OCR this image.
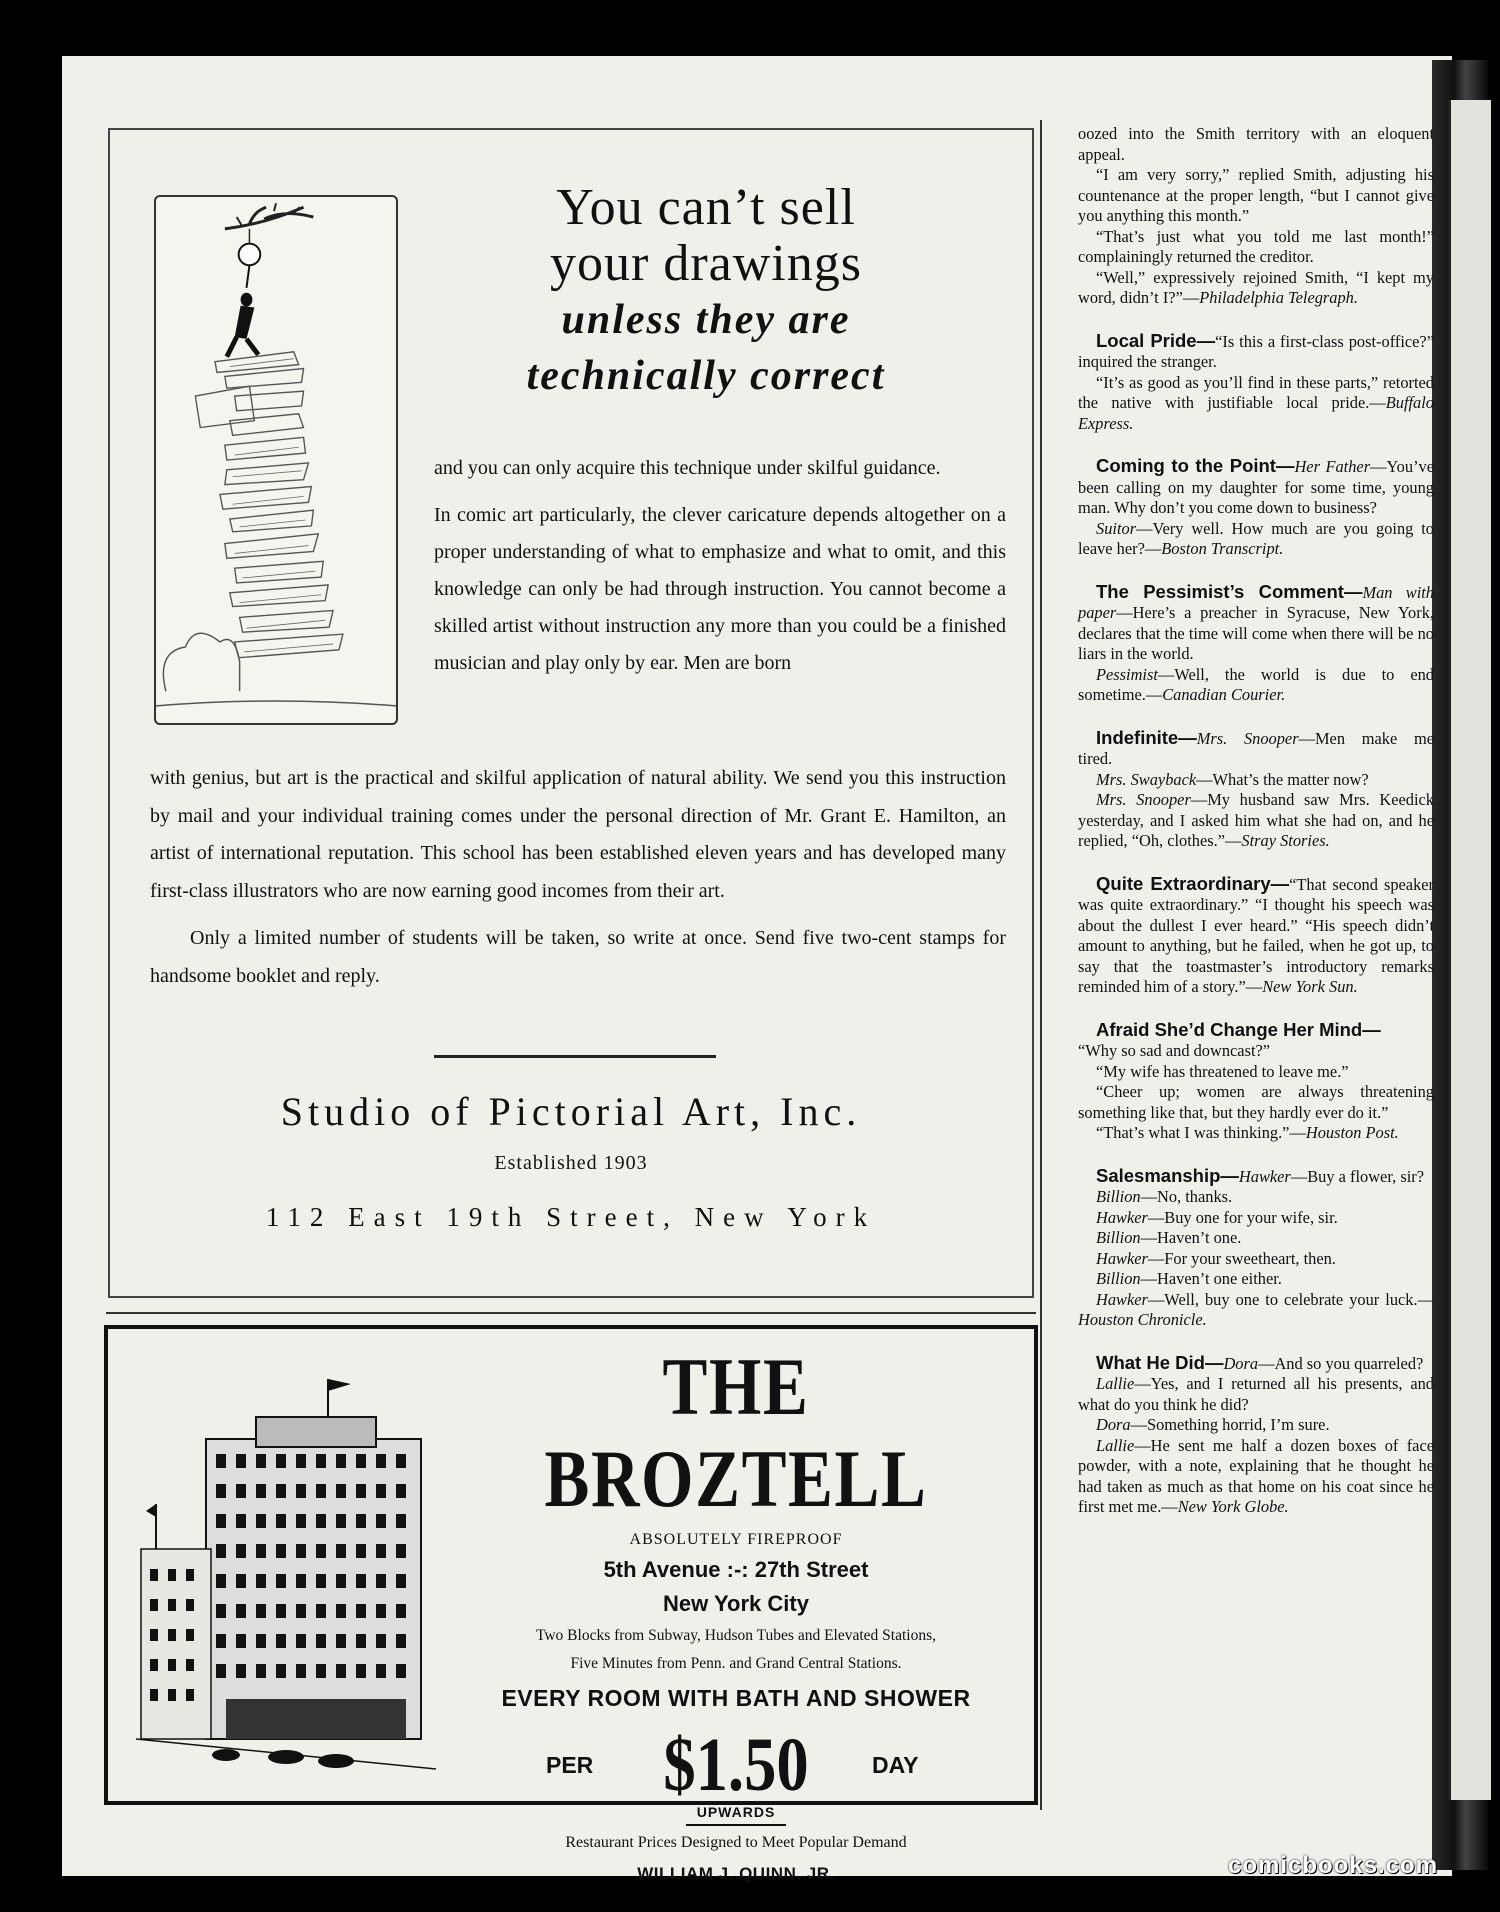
You can’t sell
your drawings
unless they are
technically correct

and you can only acquire this technique under skilful guidance.

In comic art particularly, the clever caricature depends altogether on a proper understanding of what to emphasize and what to omit, and this knowledge can only be had through instruction. You cannot become a skilled artist without instruction any more than you could be a finished musician and play only by ear. Men are born

with genius, but art is the practical and skilful application of natural ability. We send you this instruction by mail and your individual training comes under the personal direction of Mr. Grant E. Hamilton, an artist of international reputation. This school has been established eleven years and has developed many first-class illustrators who are now earning good incomes from their art.

Only a limited number of students will be taken, so write at once. Send five two-cent stamps for handsome booklet and reply.

Studio of Pictorial Art, Inc.
Established 1903
112 East 19th Street, New York
THE BROZTELL
ABSOLUTELY FIREPROOF
5th Avenue :-: 27th Street
New York City
Two Blocks from Subway, Hudson Tubes and Elevated Stations,
Five Minutes from Penn. and Grand Central Stations.
EVERY ROOM WITH BATH AND SHOWER
PER $1.50	DAY
UPWARDS
Restaurant Prices Designed to Meet Popular Demand
WILLIAM J. QUINN, JR.

oozed into the Smith territory with an eloquent appeal.

“I am very sorry,” replied Smith, adjusting his countenance at the proper length, “but I cannot give you anything this month.”

“That’s just what you told me last month!” complainingly returned the creditor.

“Well,” expressively rejoined Smith, “I kept my word, didn’t I?”—Philadelphia Telegraph.

Local Pride—“Is this a first-class post-office?” inquired the stranger.

“It’s as good as you’ll find in these parts,” retorted the native with justifiable local pride.—Buffalo Express.

Coming to the Point—Her Father—You’ve been calling on my daughter for some time, young man. Why don’t you come down to business?

Suitor—Very well. How much are you going to leave her?—Boston Transcript.

The Pessimist’s Comment—Man with paper—Here’s a preacher in Syracuse, New York, declares that the time will come when there will be no liars in the world.

Pessimist—Well, the world is due to end sometime.—Canadian Courier.

Indefinite—Mrs. Snooper—Men make me tired.

Mrs. Swayback—What’s the matter now?

Mrs. Snooper—My husband saw Mrs. Keedick yesterday, and I asked him what she had on, and he replied, “Oh, clothes.”—Stray Stories.

Quite Extraordinary—“That second speaker was quite extraordinary.” “I thought his speech was about the dullest I ever heard.” “His speech didn’t amount to anything, but he failed, when he got up, to say that the toastmaster’s introductory remarks reminded him of a story.”—New York Sun.

Afraid She’d Change Her Mind—

“Why so sad and downcast?”

“My wife has threatened to leave me.”

“Cheer up; women are always threatening something like that, but they hardly ever do it.”

“That’s what I was thinking.”—Houston Post.

Salesmanship—Hawker—Buy a flower, sir?

Billion—No, thanks.

Hawker—Buy one for your wife, sir.

Billion—Haven’t one.

Hawker—For your sweetheart, then.

Billion—Haven’t one either.

Hawker—Well, buy one to celebrate your luck.—Houston Chronicle.

What He Did—Dora—And so you quarreled?

Lallie—Yes, and I returned all his presents, and what do you think he did?

Dora—Something horrid, I’m sure.

Lallie—He sent me half a dozen boxes of face powder, with a note, explaining that he thought he had taken as much as that home on his coat since he first met me.—New York Globe.

comicbooks.com
